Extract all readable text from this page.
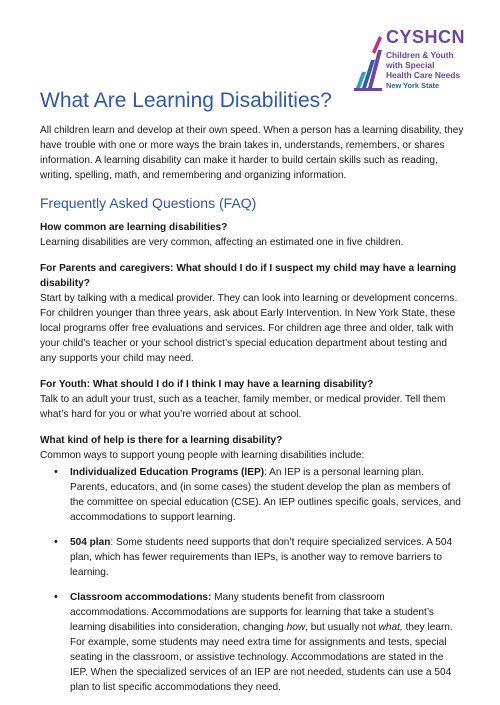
CYSHCN
Children & Youth
with Special
Health Care Needs
New York State
What Are Learning Disabilities?

All children learn and develop at their own speed. When a person has a learning disability, they have trouble with one or more ways the brain takes in, understands, remembers, or shares information. A learning disability can make it harder to build certain skills such as reading, writing, spelling, math, and remembering and organizing information.

Frequently Asked Questions (FAQ)

How common are learning disabilities?
Learning disabilities are very common, affecting an estimated one in five children.

For Parents and caregivers: What should I do if I suspect my child may have a learning disability?
Start by talking with a medical provider. They can look into learning or development concerns. For children younger than three years, ask about Early Intervention. In New York State, these local programs offer free evaluations and services. For children age three and older, talk with your child’s teacher or your school district’s special education department about testing and any supports your child may need.

For Youth: What should I do if I think I may have a learning disability?
Talk to an adult your trust, such as a teacher, family member, or medical provider. Tell them what’s hard for you or what you’re worried about at school.

What kind of help is there for a learning disability?
Common ways to support young people with learning disabilities include:
• Individualized Education Programs (IEP): An IEP is a personal learning plan. Parents, educators, and (in some cases) the student develop the plan as members of the committee on special education (CSE). An IEP outlines specific goals, services, and accommodations to support learning.
• 504 plan: Some students need supports that don’t require specialized services. A 504 plan, which has fewer requirements than IEPs, is another way to remove barriers to learning.
• Classroom accommodations: Many students benefit from classroom accommodations. Accommodations are supports for learning that take a student’s learning disabilities into consideration, changing how, but usually not what, they learn. For example, some students may need extra time for assignments and tests, special seating in the classroom, or assistive technology. Accommodations are stated in the IEP. When the specialized services of an IEP are not needed, students can use a 504 plan to list specific accommodations they need.
